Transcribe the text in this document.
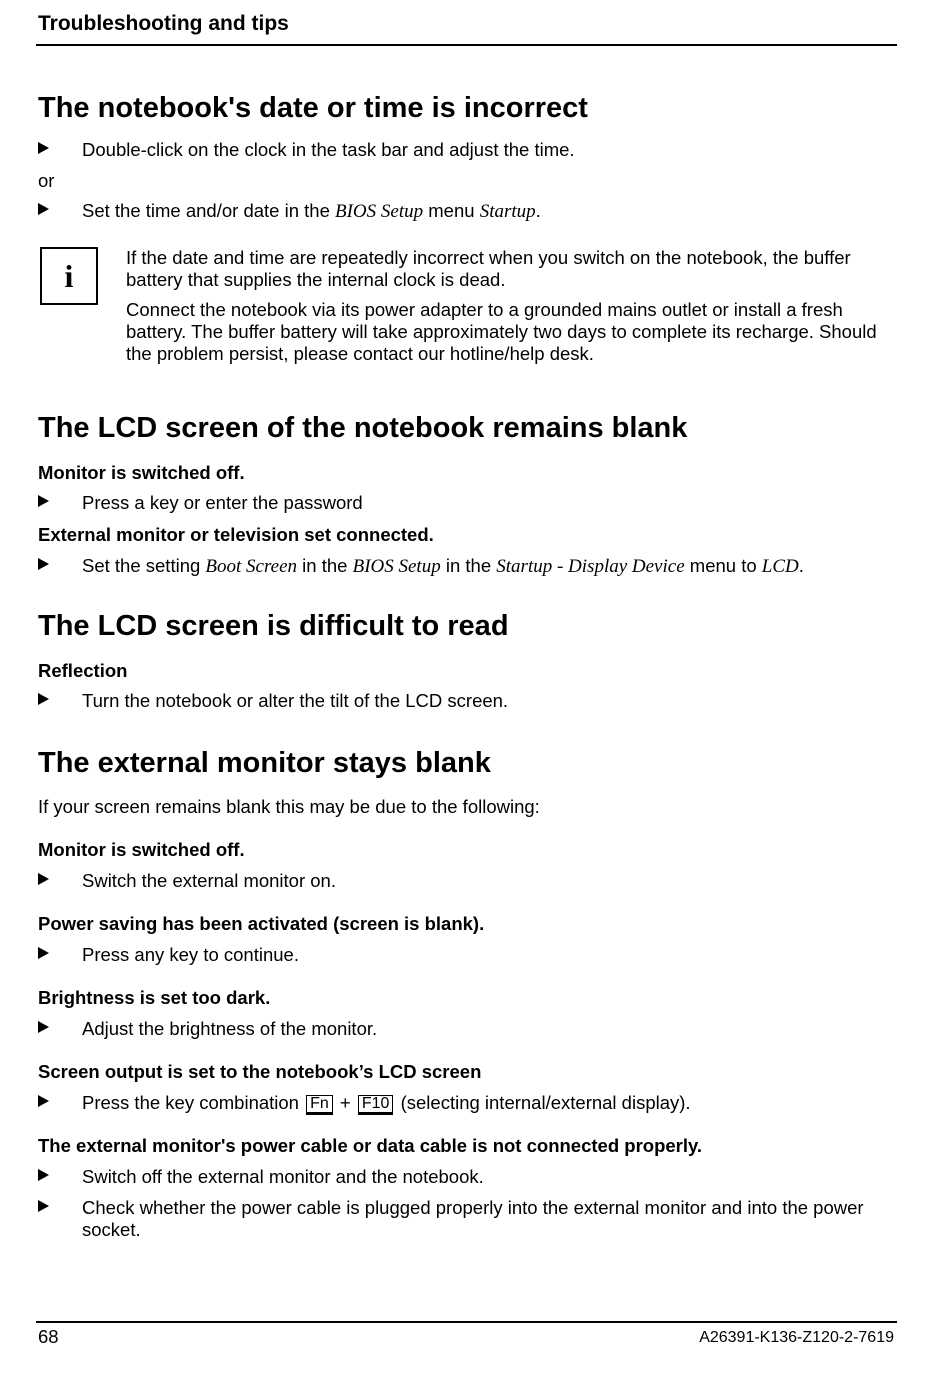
Troubleshooting and tips
The notebook's date or time is incorrect
Double-click on the clock in the task bar and adjust the time.
or
Set the time and/or date in the BIOS Setup menu Startup.
i	If the date and time are repeatedly incorrect when you switch on the notebook, the buffer battery that supplies the internal clock is dead.
Connect the notebook via its power adapter to a grounded mains outlet or install a fresh battery. The buffer battery will take approximately two days to complete its recharge. Should the problem persist, please contact our hotline/help desk.
The LCD screen of the notebook remains blank
Monitor is switched off.
Press a key or enter the password
External monitor or television set connected.
Set the setting Boot Screen in the BIOS Setup in the Startup - Display Device menu to LCD.
The LCD screen is difficult to read
Reflection
Turn the notebook or alter the tilt of the LCD screen.
The external monitor stays blank
If your screen remains blank this may be due to the following:
Monitor is switched off.
Switch the external monitor on.
Power saving has been activated (screen is blank).
Press any key to continue.
Brightness is set too dark.
Adjust the brightness of the monitor.
Screen output is set to the notebook’s LCD screen
Press the key combination Fn + F10 (selecting internal/external display).
The external monitor's power cable or data cable is not connected properly.
Switch off the external monitor and the notebook.
Check whether the power cable is plugged properly into the external monitor and into the power socket.
68	A26391-K136-Z120-2-7619
